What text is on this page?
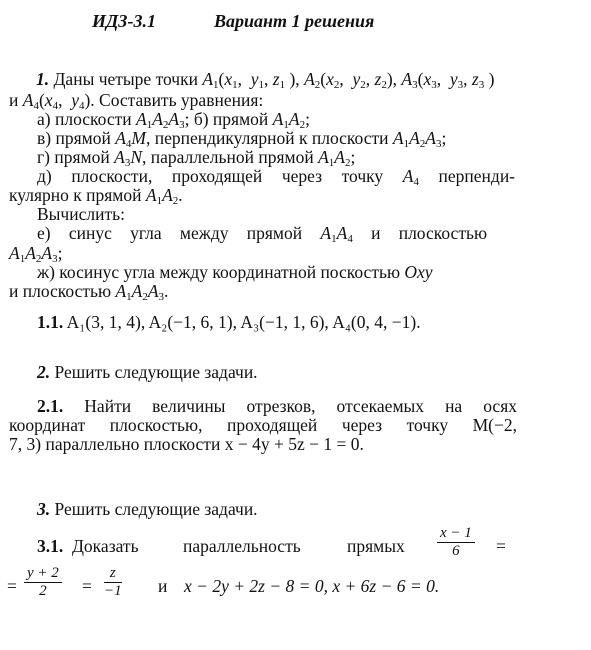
ИДЗ-3.1	Вариант 1 решения
1. Даны четыре точки $A_1(x_1$,  $y_1$, $z_1$ ), $A_2(x_2$,  $y_2$, $z_2$), $A_3(x_3$,  $y_3$, $z_3$ )
и $A_4(x_4$,  $y_4$). Составить уравнения:
а) плоскости $A_1A_2A_3$; б) прямой $A_1A_2$;
в) прямой $A_4M$, перпендикулярной к плоскости $A_1A_2A_3$;
г) прямой $A_3N$, параллельной прямой $A_1A_2$;
д) плоскости, проходящей через точку $A_4$ перпенди-
кулярно к прямой $A_1A_2$.
Вычислить:
е) синус угла между прямой $A_1A_4$ и плоскостью
$A_1A_2A_3$;
ж) косинус угла между координатной поскостью Oxy
и плоскостью $A_1A_2A_3$.
1.1. A₁(3, 1, 4), A₂(−1, 6, 1), A₃(−1, 1, 6), A₄(0, 4, −1).
2. Решить следующие задачи.
2.1. Найти величины отрезков, отсекаемых на осях
координат плоскостью, проходящей через точку M(−2,
7, 3) параллельно плоскости x − 4y + 5z − 1 = 0.
3. Решить следующие задачи.
3.1. Доказать	параллельность	прямых $\frac{x - 1}{6}$ =
= $\frac{y + 2}{2} = \frac{z}{-1}$ и x − 2y + 2z − 8 = 0, x + 6z − 6 = 0.
